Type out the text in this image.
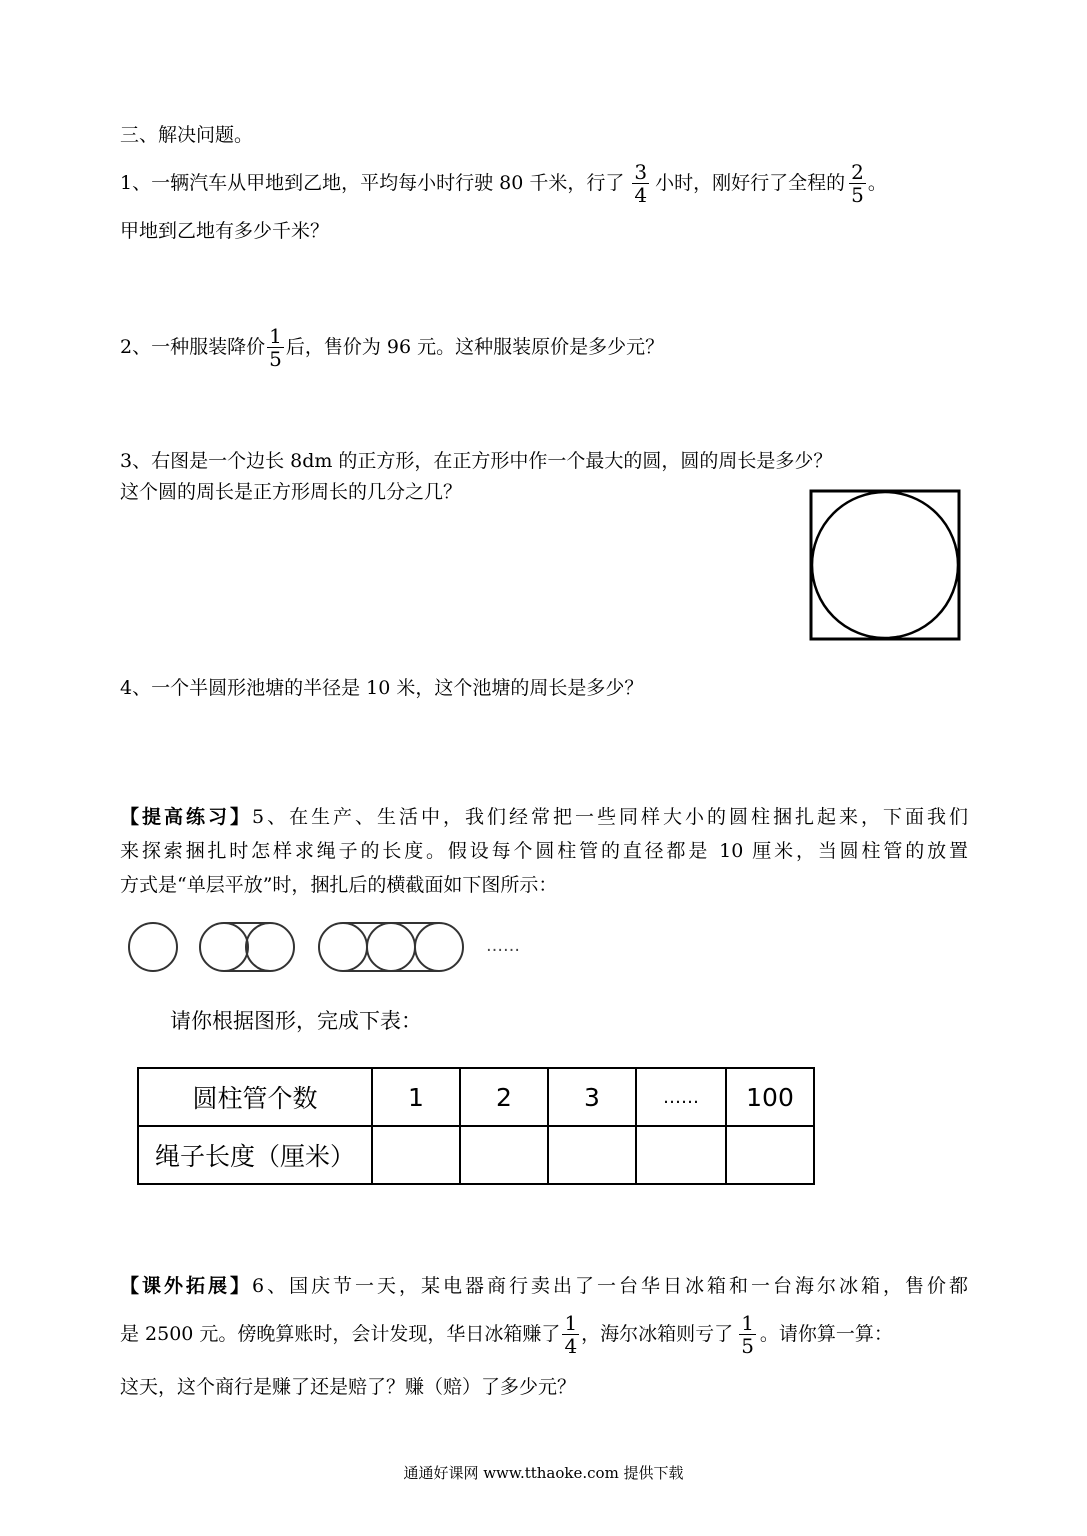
三、解决问题。
1、一辆汽车从甲地到乙地，平均每小时行驶 80 千米，行了 $\frac{3}{4}$ 小时，刚好行了全程的 $\frac{2}{5}$ 。
甲地到乙地有多少千米？
2、一种服装降价 $\frac{1}{5}$ 后，售价为 96 元。这种服装原价是多少元？
3、右图是一个边长 8dm 的正方形，在正方形中作一个最大的圆，圆的周长是多少？
这个圆的周长是正方形周长的几分之几？
4、一个半圆形池塘的半径是 10 米，这个池塘的周长是多少？
【提高练习】5、在生产、生活中，我们经常把一些同样大小的圆柱捆扎起来，下面我们
来探索捆扎时怎样求绳子的长度。假设每个圆柱管的直径都是 10 厘米，当圆柱管的放置
方式是“单层平放”时，捆扎后的横截面如下图所示：
……
请你根据图形，完成下表：
圆柱管个数	1	2	3	……	100
绳子长度（厘米）					
【课外拓展】6、国庆节一天，某电器商行卖出了一台华日冰箱和一台海尔冰箱，售价都
是 2500 元。傍晚算账时，会计发现，华日冰箱赚了 $\frac{1}{4}$ ，海尔冰箱则亏了 $\frac{1}{5}$ 。请你算一算：
这天，这个商行是赚了还是赔了？赚（赔）了多少元？
通通好课网 www.tthaoke.com 提供下载
